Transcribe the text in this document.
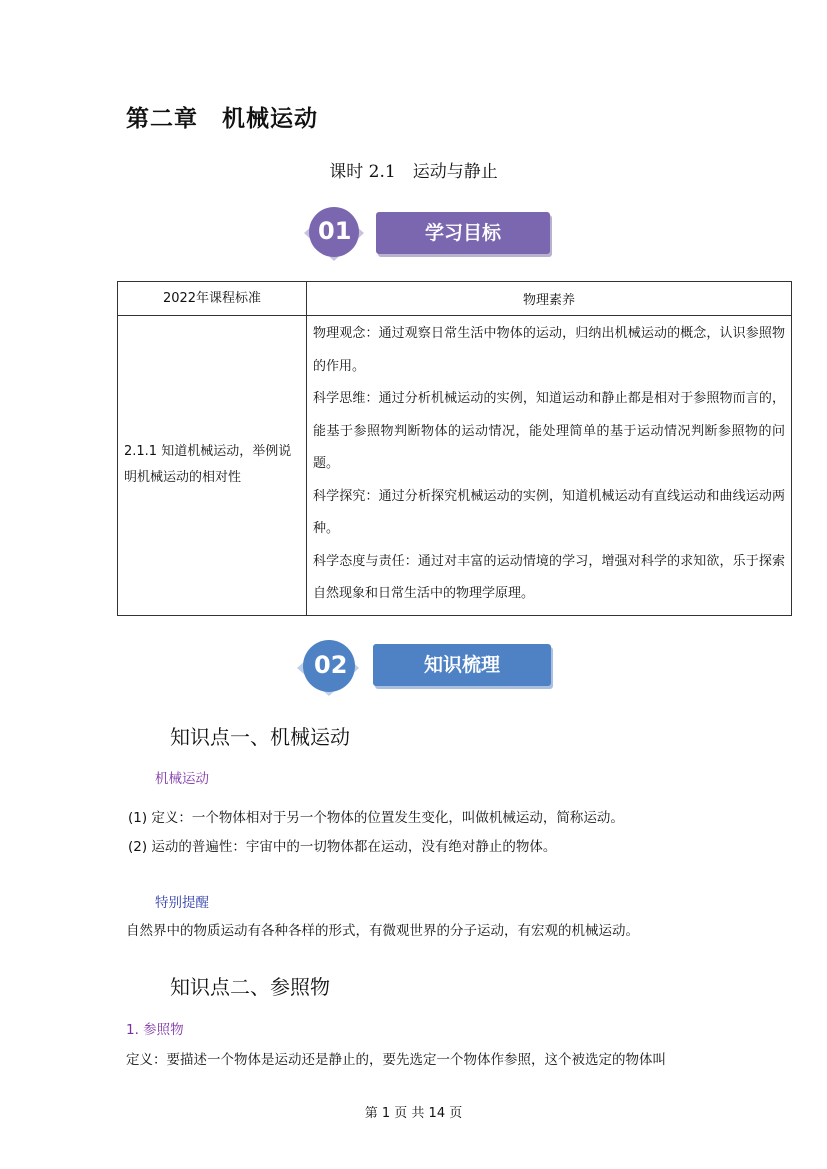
第二章　机械运动
课时 2.1　运动与静止
01	学习目标
2022年课程标准	物理素养
2.1.1 知道机械运动，举例说明机械运动的相对性	物理观念：通过观察日常生活中物体的运动，归纳出机械运动的概念，认识参照物的作用。
科学思维：通过分析机械运动的实例，知道运动和静止都是相对于参照物而言的，能基于参照物判断物体的运动情况，能处理简单的基于运动情况判断参照物的问题。
科学探究：通过分析探究机械运动的实例，知道机械运动有直线运动和曲线运动两种。
科学态度与责任：通过对丰富的运动情境的学习，增强对科学的求知欲，乐于探索自然现象和日常生活中的物理学原理。
02	知识梳理
知识点一、机械运动
机械运动
(1) 定义：一个物体相对于另一个物体的位置发生变化，叫做机械运动，简称运动。
(2) 运动的普遍性：宇宙中的一切物体都在运动，没有绝对静止的物体。
特别提醒
自然界中的物质运动有各种各样的形式，有微观世界的分子运动，有宏观的机械运动。
知识点二、参照物
1. 参照物
定义：要描述一个物体是运动还是静止的，要先选定一个物体作参照，这个被选定的物体叫
第 1 页 共 14 页
